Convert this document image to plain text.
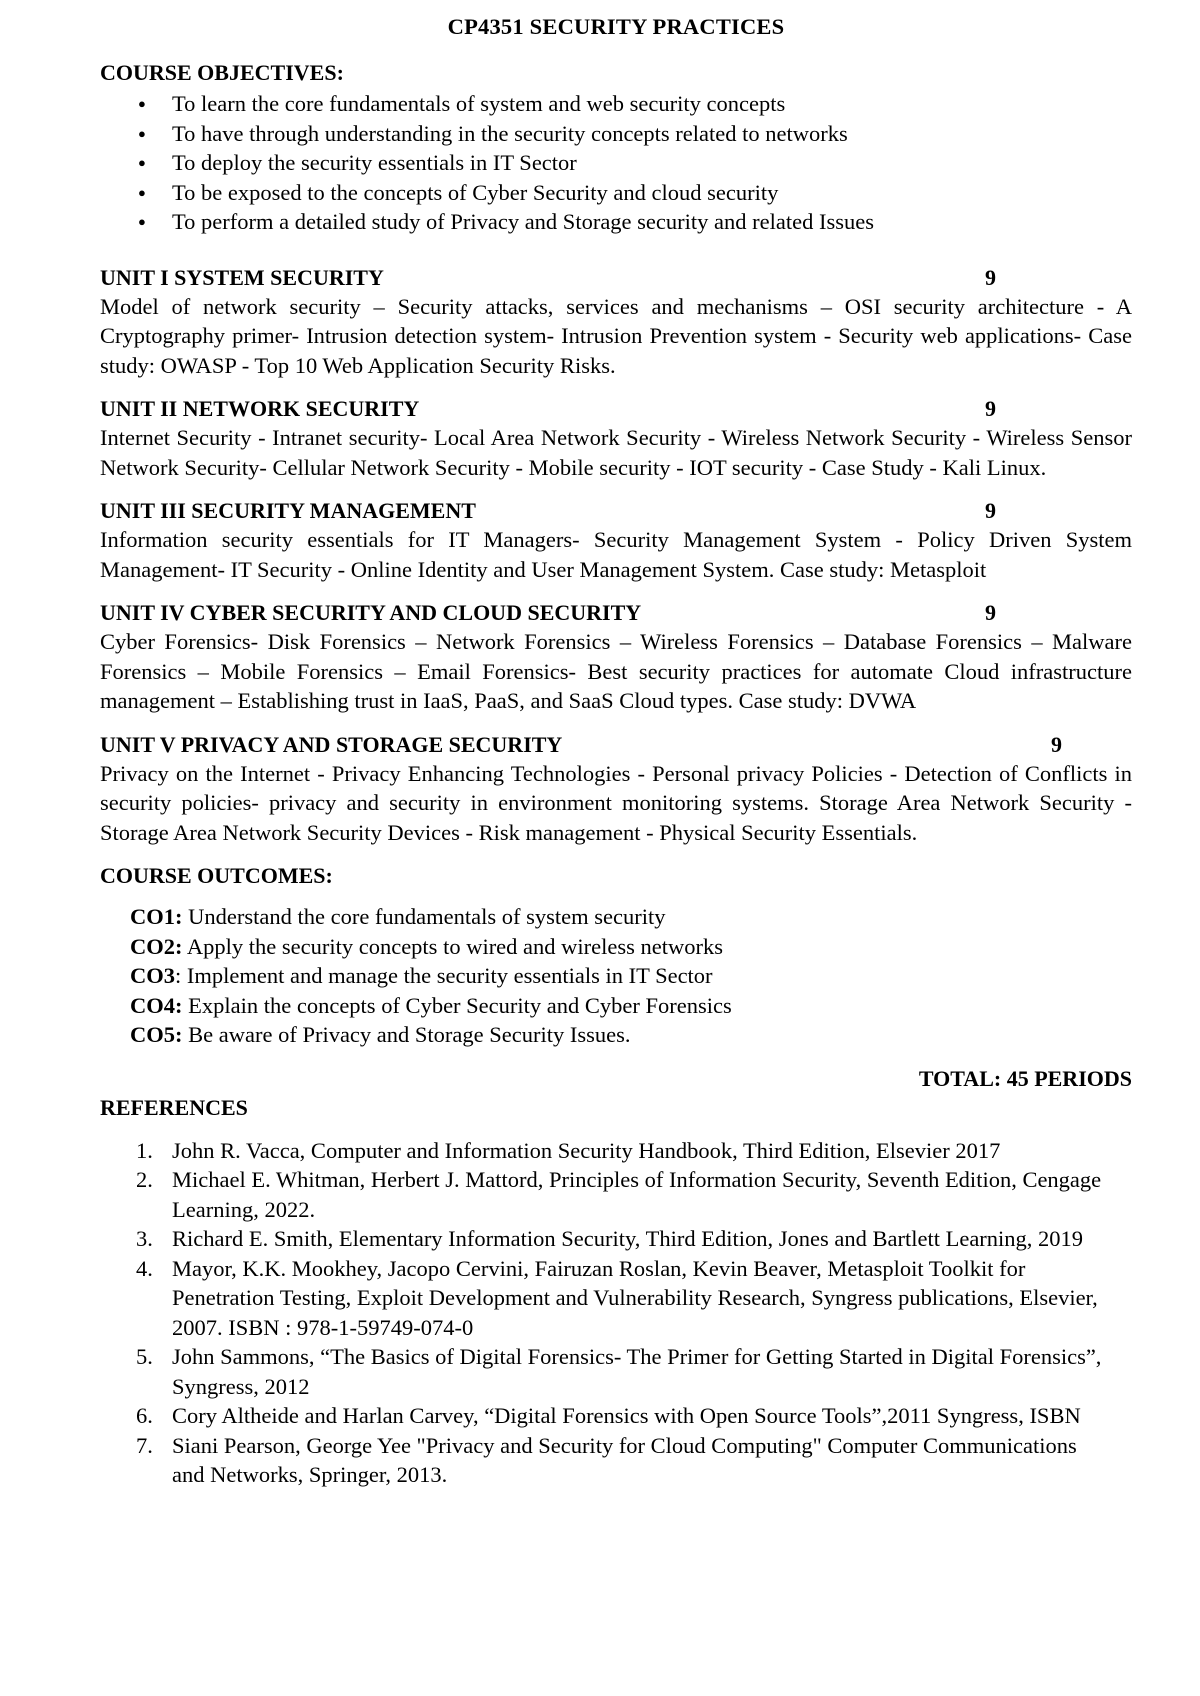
CP4351 SECURITY PRACTICES
COURSE OBJECTIVES:
● To learn the core fundamentals of system and web security concepts
● To have through understanding in the security concepts related to networks
● To deploy the security essentials in IT Sector
● To be exposed to the concepts of Cyber Security and cloud security
● To perform a detailed study of Privacy and Storage security and related Issues
UNIT I SYSTEM SECURITY	9
Model of network security – Security attacks, services and mechanisms – OSI security architecture - A Cryptography primer- Intrusion detection system- Intrusion Prevention system - Security web applications- Case study: OWASP - Top 10 Web Application Security Risks.
UNIT II NETWORK SECURITY	9
Internet Security - Intranet security- Local Area Network Security - Wireless Network Security - Wireless Sensor Network Security- Cellular Network Security - Mobile security - IOT security - Case Study - Kali Linux.
UNIT III SECURITY MANAGEMENT	9
Information security essentials for IT Managers- Security Management System - Policy Driven System Management- IT Security - Online Identity and User Management System. Case study: Metasploit
UNIT IV CYBER SECURITY AND CLOUD SECURITY	9
Cyber Forensics- Disk Forensics – Network Forensics – Wireless Forensics – Database Forensics – Malware Forensics – Mobile Forensics – Email Forensics- Best security practices for automate Cloud infrastructure management – Establishing trust in IaaS, PaaS, and SaaS Cloud types. Case study: DVWA
UNIT V PRIVACY AND STORAGE SECURITY	9
Privacy on the Internet - Privacy Enhancing Technologies - Personal privacy Policies - Detection of Conflicts in security policies- privacy and security in environment monitoring systems. Storage Area Network Security - Storage Area Network Security Devices - Risk management - Physical Security Essentials.
COURSE OUTCOMES:
CO1: Understand the core fundamentals of system security
CO2: Apply the security concepts to wired and wireless networks
CO3: Implement and manage the security essentials in IT Sector
CO4: Explain the concepts of Cyber Security and Cyber Forensics
CO5: Be aware of Privacy and Storage Security Issues.
TOTAL: 45 PERIODS
REFERENCES
1. John R. Vacca, Computer and Information Security Handbook, Third Edition, Elsevier 2017
2. Michael E. Whitman, Herbert J. Mattord, Principles of Information Security, Seventh Edition, Cengage Learning, 2022.
3. Richard E. Smith, Elementary Information Security, Third Edition, Jones and Bartlett Learning, 2019
4. Mayor, K.K. Mookhey, Jacopo Cervini, Fairuzan Roslan, Kevin Beaver, Metasploit Toolkit for Penetration Testing, Exploit Development and Vulnerability Research, Syngress publications, Elsevier, 2007. ISBN : 978-1-59749-074-0
5. John Sammons, “The Basics of Digital Forensics- The Primer for Getting Started in Digital Forensics”, Syngress, 2012
6. Cory Altheide and Harlan Carvey, “Digital Forensics with Open Source Tools”,2011 Syngress, ISBN
7. Siani Pearson, George Yee "Privacy and Security for Cloud Computing" Computer Communications and Networks, Springer, 2013.
